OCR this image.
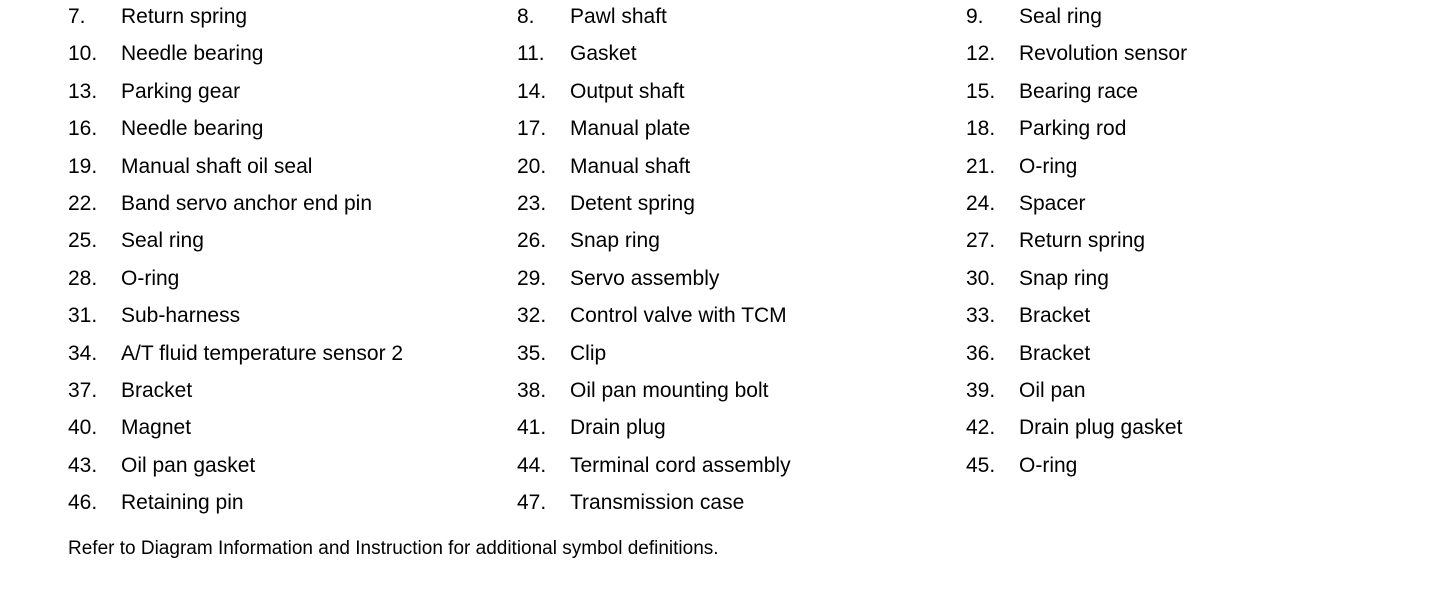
7. Return spring	8. Pawl shaft	9. Seal ring
10. Needle bearing	11. Gasket	12. Revolution sensor
13. Parking gear	14. Output shaft	15. Bearing race
16. Needle bearing	17. Manual plate	18. Parking rod
19. Manual shaft oil seal	20. Manual shaft	21. O-ring
22. Band servo anchor end pin	23. Detent spring	24. Spacer
25. Seal ring	26. Snap ring	27. Return spring
28. O-ring	29. Servo assembly	30. Snap ring
31. Sub-harness	32. Control valve with TCM	33. Bracket
34. A/T fluid temperature sensor 2	35. Clip	36. Bracket
37. Bracket	38. Oil pan mounting bolt	39. Oil pan
40. Magnet	41. Drain plug	42. Drain plug gasket
43. Oil pan gasket	44. Terminal cord assembly	45. O-ring
46. Retaining pin	47. Transmission case
Refer to Diagram Information and Instruction for additional symbol definitions.
